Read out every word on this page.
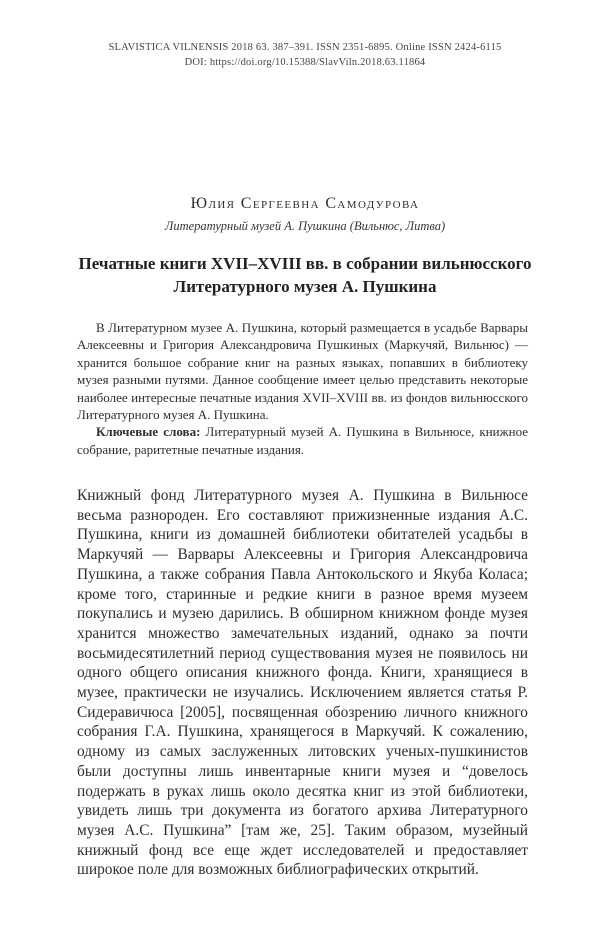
SLAVISTICA VILNENSIS 2018 63. 387–391. ISSN 2351-6895. Online ISSN 2424-6115
DOI: https://doi.org/10.15388/SlavViln.2018.63.11864
Юлия Сергеевна Самодурова
Литературный музей А. Пушкина (Вильнюс, Литва)
Печатные книги XVII–XVIII вв. в собрании вильнюсского
Литературного музея А. Пушкина

В Литературном музее А. Пушкина, который размещается в усадьбе Варвары Алексеевны и Григория Александровича Пушкиных (Маркучяй, Вильнюс) — хранится большое собрание книг на разных языках, попавших в библиотеку музея разными путями. Данное сообщение имеет целью представить некоторые наиболее интересные печатные издания XVII–XVIII вв. из фондов вильнюсского Литературного музея А. Пушкина.

Ключевые слова: Литературный музей А. Пушкина в Вильнюсе, книжное собрание, раритетные печатные издания.

Книжный фонд Литературного музея А. Пушкина в Вильнюсе весьма разнороден. Его составляют прижизненные издания А.С. Пушкина, книги из домашней библиотеки обитателей усадьбы в Маркучяй — Варвары Алексеевны и Григория Александровича Пушкина, а также собрания Павла Антокольского и Якуба Коласа; кроме того, старинные и редкие книги в разное время музеем покупались и музею дарились. В обширном книжном фонде музея хранится множество замечательных изданий, однако за почти восьмидесятилетний период существования музея не появилось ни одного общего описания книжного фонда. Книги, хранящиеся в музее, практически не изучались. Исключением является статья Р. Сидеравичюса [2005], посвященная обозрению личного книжного собрания Г.А. Пушкина, хранящегося в Маркучяй. К сожалению, одному из самых заслуженных литовских ученых-пушкинистов были доступны лишь инвентарные книги музея и “довелось подержать в руках лишь около десятка книг из этой библиотеки, увидеть лишь три документа из богатого архива Литературного музея А.С. Пушкина” [там же, 25]. Таким образом, музейный книжный фонд все еще ждет исследователей и предоставляет широкое поле для возможных библиографических открытий.
